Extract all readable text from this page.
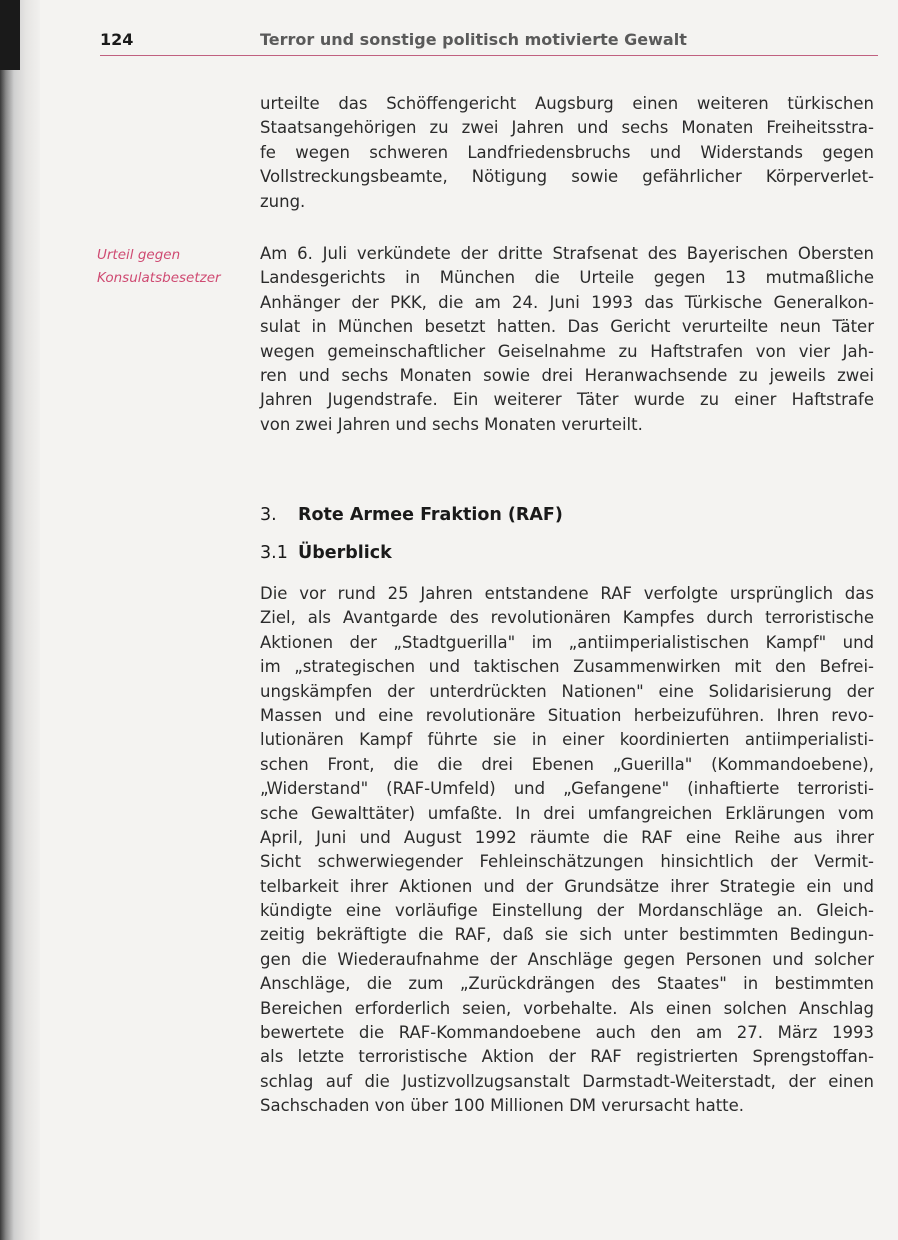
124	Terror und sonstige politisch motivierte Gewalt
Urteil gegen
Konsulatsbesetzer
urteilte das Schöffengericht Augsburg einen weiteren türkischen
Staatsangehörigen zu zwei Jahren und sechs Monaten Freiheitsstra-
fe wegen schweren Landfriedensbruchs und Widerstands gegen
Vollstreckungsbeamte, Nötigung sowie gefährlicher Körperverlet-
zung.
Am 6. Juli verkündete der dritte Strafsenat des Bayerischen Obersten
Landesgerichts in München die Urteile gegen 13 mutmaßliche
Anhänger der PKK, die am 24. Juni 1993 das Türkische Generalkon-
sulat in München besetzt hatten. Das Gericht verurteilte neun Täter
wegen gemeinschaftlicher Geiselnahme zu Haftstrafen von vier Jah-
ren und sechs Monaten sowie drei Heranwachsende zu jeweils zwei
Jahren Jugendstrafe. Ein weiterer Täter wurde zu einer Haftstrafe
von zwei Jahren und sechs Monaten verurteilt.
3. Rote Armee Fraktion (RAF)
3.1 Überblick
Die vor rund 25 Jahren entstandene RAF verfolgte ursprünglich das
Ziel, als Avantgarde des revolutionären Kampfes durch terroristische
Aktionen der „Stadtguerilla" im „antiimperialistischen Kampf" und
im „strategischen und taktischen Zusammenwirken mit den Befrei-
ungskämpfen der unterdrückten Nationen" eine Solidarisierung der
Massen und eine revolutionäre Situation herbeizuführen. Ihren revo-
lutionären Kampf führte sie in einer koordinierten antiimperialisti-
schen Front, die die drei Ebenen „Guerilla" (Kommandoebene),
„Widerstand" (RAF-Umfeld) und „Gefangene" (inhaftierte terroristi-
sche Gewalttäter) umfaßte. In drei umfangreichen Erklärungen vom
April, Juni und August 1992 räumte die RAF eine Reihe aus ihrer
Sicht schwerwiegender Fehleinschätzungen hinsichtlich der Vermit-
telbarkeit ihrer Aktionen und der Grundsätze ihrer Strategie ein und
kündigte eine vorläufige Einstellung der Mordanschläge an. Gleich-
zeitig bekräftigte die RAF, daß sie sich unter bestimmten Bedingun-
gen die Wiederaufnahme der Anschläge gegen Personen und solcher
Anschläge, die zum „Zurückdrängen des Staates" in bestimmten
Bereichen erforderlich seien, vorbehalte. Als einen solchen Anschlag
bewertete die RAF-Kommandoebene auch den am 27. März 1993
als letzte terroristische Aktion der RAF registrierten Sprengstoffan-
schlag auf die Justizvollzugsanstalt Darmstadt-Weiterstadt, der einen
Sachschaden von über 100 Millionen DM verursacht hatte.
